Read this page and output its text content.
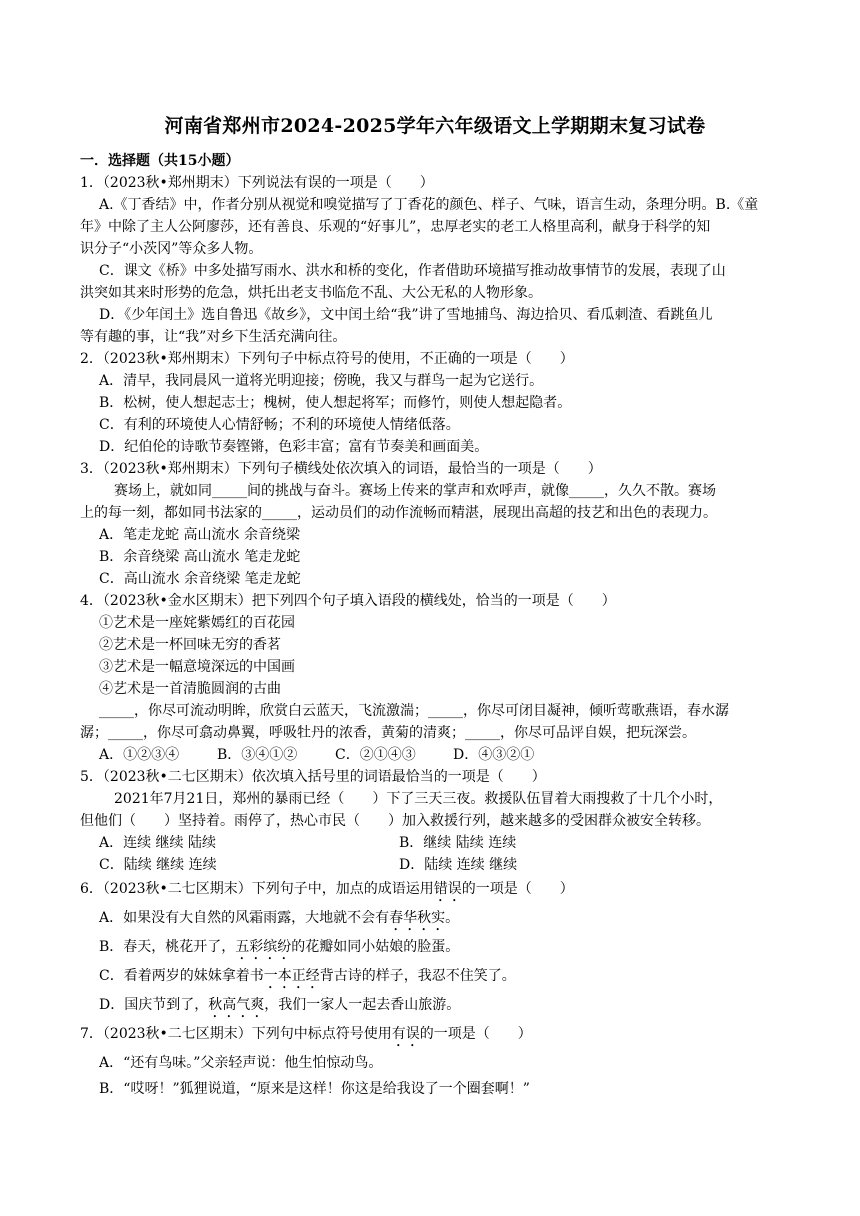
河南省郑州市2024-2025学年六年级语文上学期期末复习试卷
一．选择题（共15小题）

1．（2023秋•郑州期末）下列说法有误的一项是（　　）

A.《丁香结》中，作者分别从视觉和嗅觉描写了丁香花的颜色、样子、气味，语言生动，条理分明。B.《童

年》中除了主人公阿廖莎，还有善良、乐观的“好事儿”，忠厚老实的老工人格里高利，献身于科学的知

识分子“小茨冈”等众多人物。

C．课文《桥》中多处描写雨水、洪水和桥的变化，作者借助环境描写推动故事情节的发展，表现了山

洪突如其来时形势的危急，烘托出老支书临危不乱、大公无私的人物形象。

D．《少年闰土》选自鲁迅《故乡》，文中闰土给“我”讲了雪地捕鸟、海边拾贝、看瓜刺渣、看跳鱼儿

等有趣的事，让“我”对乡下生活充满向往。

2．（2023秋•郑州期末）下列句子中标点符号的使用，不正确的一项是（　　）

A．清早，我同晨风一道将光明迎接；傍晚，我又与群鸟一起为它送行。

B．松树，使人想起志士；槐树，使人想起将军；而修竹，则使人想起隐者。

C．有利的环境使人心情舒畅；不利的环境使人情绪低落。

D．纪伯伦的诗歌节奏铿锵，色彩丰富；富有节奏美和画面美。

3．（2023秋•郑州期末）下列句子横线处依次填入的词语，最恰当的一项是（　　）

赛场上，就如同_____间的挑战与奋斗。赛场上传来的掌声和欢呼声，就像_____，久久不散。赛场

上的每一刻，都如同书法家的_____，运动员们的动作流畅而精湛，展现出高超的技艺和出色的表现力。

A．笔走龙蛇 高山流水 余音绕梁

B．余音绕梁 高山流水 笔走龙蛇

C．高山流水 余音绕梁 笔走龙蛇

4．（2023秋•金水区期末）把下列四个句子填入语段的横线处，恰当的一项是（　　）

①艺术是一座姹紫嫣红的百花园

②艺术是一杯回味无穷的香茗

③艺术是一幅意境深远的中国画

④艺术是一首清脆圆润的古曲

_____，你尽可流动明眸，欣赏白云蓝天，飞流激湍；_____，你尽可闭目凝神，倾听莺歌燕语，春水潺

潺；_____，你尽可翕动鼻翼，呼吸牡丹的浓香，黄菊的清爽；_____，你尽可品评自娱，把玩深尝。

A．①②③④	B．③④①②	C．②①④③	D．④③②①

5．（2023秋•二七区期末）依次填入括号里的词语最恰当的一项是（　　）

2021年7月21日，郑州的暴雨已经（　　）下了三天三夜。救援队伍冒着大雨搜救了十几个小时，

但他们（　　）坚持着。雨停了，热心市民（　　）加入救援行列，越来越多的受困群众被安全转移。

A．连续 继续 陆续	B．继续 陆续 连续
C．陆续 继续 连续	D．陆续 连续 继续

6．（2023秋•二七区期末）下列句子中，加点的成语运用错误的一项是（　　）

A．如果没有大自然的风霜雨露，大地就不会有春华秋实。

B．春天，桃花开了，五彩缤纷的花瓣如同小姑娘的脸蛋。

C．看着两岁的妹妹拿着书一本正经背古诗的样子，我忍不住笑了。

D．国庆节到了，秋高气爽，我们一家人一起去香山旅游。

7．（2023秋•二七区期末）下列句中标点符号使用有误的一项是（　　）

A．“还有鸟味。”父亲轻声说：他生怕惊动鸟。

B．“哎呀！”狐狸说道，“原来是这样！你这是给我设了一个圈套啊！”
